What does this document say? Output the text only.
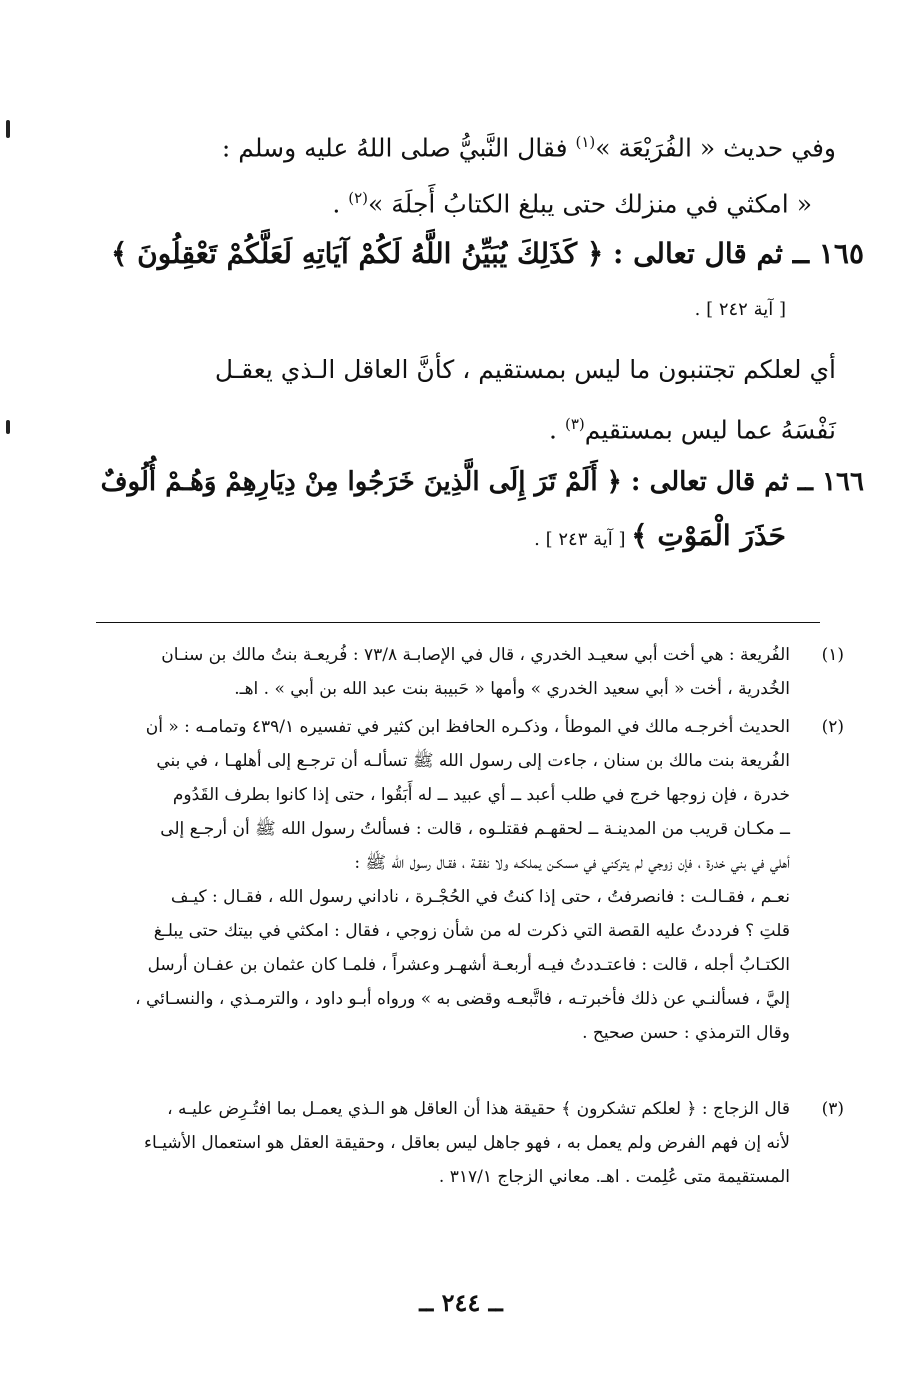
وفي حديث « الفُرَيْعَة »$^{(١)}$ فقال النَّبيُّ صلى اللهُ عليه وسلم :
« امكثي في منزلك حتى يبلغ الكتابُ أَجلَهَ »$^{(٢)}$ .
١٦٥ ــ ثم قال تعالى : ﴿ كَذَلِكَ يُبَيِّنُ اللَّهُ لَكُمْ آيَاتِهِ لَعَلَّكُمْ تَعْقِلُونَ ﴾
[ آية ٢٤٢ ] .
أي لعلكم تجتنبون ما ليس بمستقيم ، كأنَّ العاقل الـذي يعقـل
نَفْسَهُ عما ليس بمستقيم$^{(٣)}$ .
١٦٦ ــ ثم قال تعالى : ﴿ أَلَمْ تَرَ إِلَى الَّذِينَ خَرَجُوا مِنْ دِيَارِهِمْ وَهُـمْ أُلُوفٌ
حَذَرَ الْمَوْتِ ﴾ [ آية ٢٤٣ ] .
(١)
الفُريعة : هي أخت أبي سعيـد الخدري ، قال في الإصابـة ٧٣/٨ : فُريعـة بنتُ مالك بن سنـان
الخُدرية ، أخت « أبي سعيد الخدري » وأمها « حَبيبة بنت عبد الله بن أبي » . اهـ.
(٢)
الحديث أخرجـه مالك في الموطأ ، وذكـره الحافظ ابن كثير في تفسيره ٤٣٩/١ وتمامـه : « أن
الفُريعة بنت مالك بن سنان ، جاءت إلى رسول الله ﷺ تسألـه أن ترجـع إلى أهلهـا ، في بني
خدرة ، فإن زوجها خرج في طلب أعبد ــ أي عبيد ــ له أَبَقُوا ، حتى إذا كانوا بطرف القَدُوم
ــ مكـان قريب من المدينـة ــ لحقهـم فقتلـوه ، قالت : فسألتُ رسول الله ﷺ أن أرجـع إلى
أهلي في بني خدرة ، فإن زوجي لم يتركني في مسكـن يملكـه ولا نفقـة ، فقـال رسول الله ﷺ :
نعـم ، فقـالـت : فانصرفتُ ، حتى إذا كنتُ في الحُجْـرة ، ناداني رسول الله ، فقـال : كيـف
قلتِ ؟ فرددتُ عليه القصة التي ذكرت له من شأن زوجي ، فقال : امكثي في بيتك حتى يبلـغ
الكتـابُ أجله ، قالت : فاعتـددتُ فيـه أربعـة أشهـر وعشراً ، فلمـا كان عثمان بن عفـان أرسل
إليَّ ، فسألنـي عن ذلك فأخبرتـه ، فاتَّبعـه وقضى به » ورواه أبـو داود ، والترمـذي ، والنسـائي ،
وقال الترمذي : حسن صحيح .
(٣)
قال الزجاج : ﴿ لعلكم تشكرون ﴾ حقيقة هذا أن العاقل هو الـذي يعمـل بما افتُـرِض عليـه ،
لأنه إن فهم الفرض ولم يعمل به ، فهو جاهل ليس بعاقل ، وحقيقة العقل هو استعمال الأشيـاء
المستقيمة متى عُلِمت . اهـ. معاني الزجاج ٣١٧/١ .
ــ ٢٤٤ ــ
